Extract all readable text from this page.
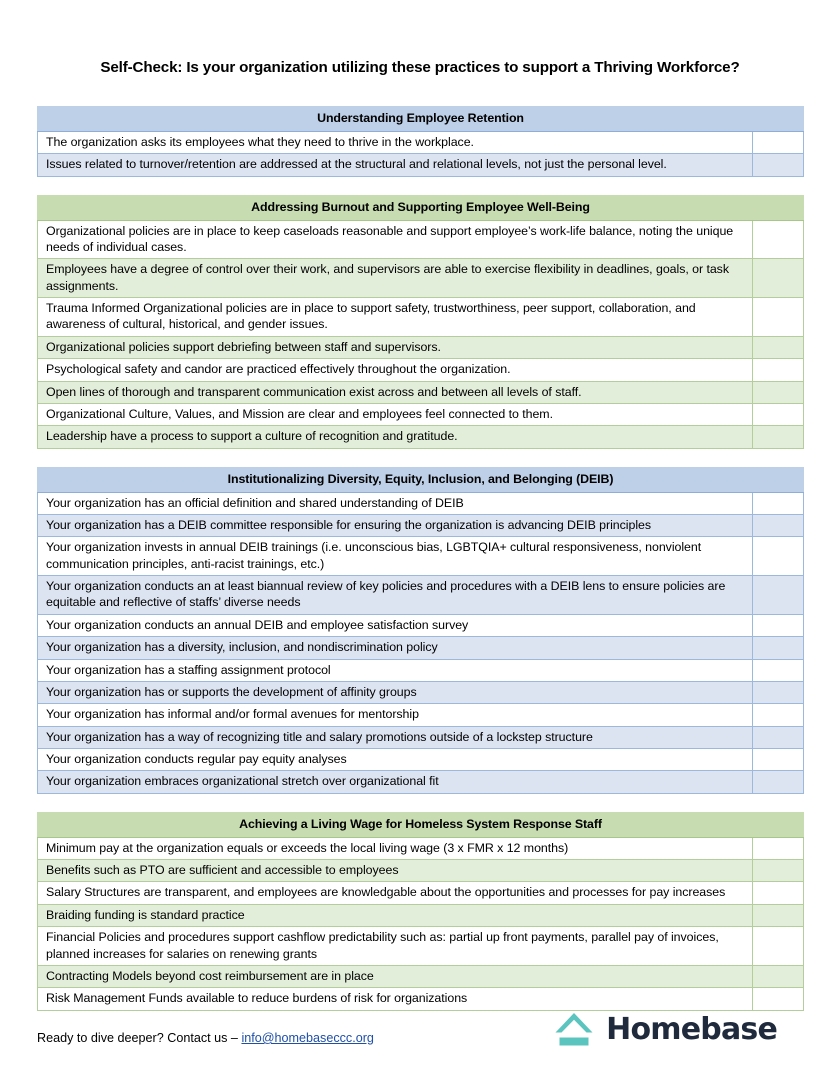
Self-Check: Is your organization utilizing these practices to support a Thriving Workforce?
Understanding Employee Retention	
The organization asks its employees what they need to thrive in the workplace.	
Issues related to turnover/retention are addressed at the structural and relational levels, not just the personal level.	
Addressing Burnout and Supporting Employee Well-Being	
Organizational policies are in place to keep caseloads reasonable and support employee’s work-life balance, noting the unique needs of individual cases.	
Employees have a degree of control over their work, and supervisors are able to exercise flexibility in deadlines, goals, or task assignments.	
Trauma Informed Organizational policies are in place to support safety, trustworthiness, peer support, collaboration, and awareness of cultural, historical, and gender issues.	
Organizational policies support debriefing between staff and supervisors.	
Psychological safety and candor are practiced effectively throughout the organization.	
Open lines of thorough and transparent communication exist across and between all levels of staff.	
Organizational Culture, Values, and Mission are clear and employees feel connected to them.	
Leadership have a process to support a culture of recognition and gratitude.	
Institutionalizing Diversity, Equity, Inclusion, and Belonging (DEIB)	
Your organization has an official definition and shared understanding of DEIB	
Your organization has a DEIB committee responsible for ensuring the organization is advancing DEIB principles	
Your organization invests in annual DEIB trainings (i.e. unconscious bias, LGBTQIA+ cultural responsiveness, nonviolent communication principles, anti-racist trainings, etc.)	
Your organization conducts an at least biannual review of key policies and procedures with a DEIB lens to ensure policies are equitable and reflective of staffs’ diverse needs	
Your organization conducts an annual DEIB and employee satisfaction survey	
Your organization has a diversity, inclusion, and nondiscrimination policy	
Your organization has a staffing assignment protocol	
Your organization has or supports the development of affinity groups	
Your organization has informal and/or formal avenues for mentorship	
Your organization has a way of recognizing title and salary promotions outside of a lockstep structure	
Your organization conducts regular pay equity analyses	
Your organization embraces organizational stretch over organizational fit	
Achieving a Living Wage for Homeless System Response Staff	
Minimum pay at the organization equals or exceeds the local living wage (3 x FMR x 12 months)	
Benefits such as PTO are sufficient and accessible to employees	
Salary Structures are transparent, and employees are knowledgable about the opportunities and processes for pay increases	
Braiding funding is standard practice	
Financial Policies and procedures support cashflow predictability such as: partial up front payments, parallel pay of invoices, planned increases for salaries on renewing grants	
Contracting Models beyond cost reimbursement are in place	
Risk Management Funds available to reduce burdens of risk for organizations	
Ready to dive deeper? Contact us – info@homebaseccc.org	Homebase
